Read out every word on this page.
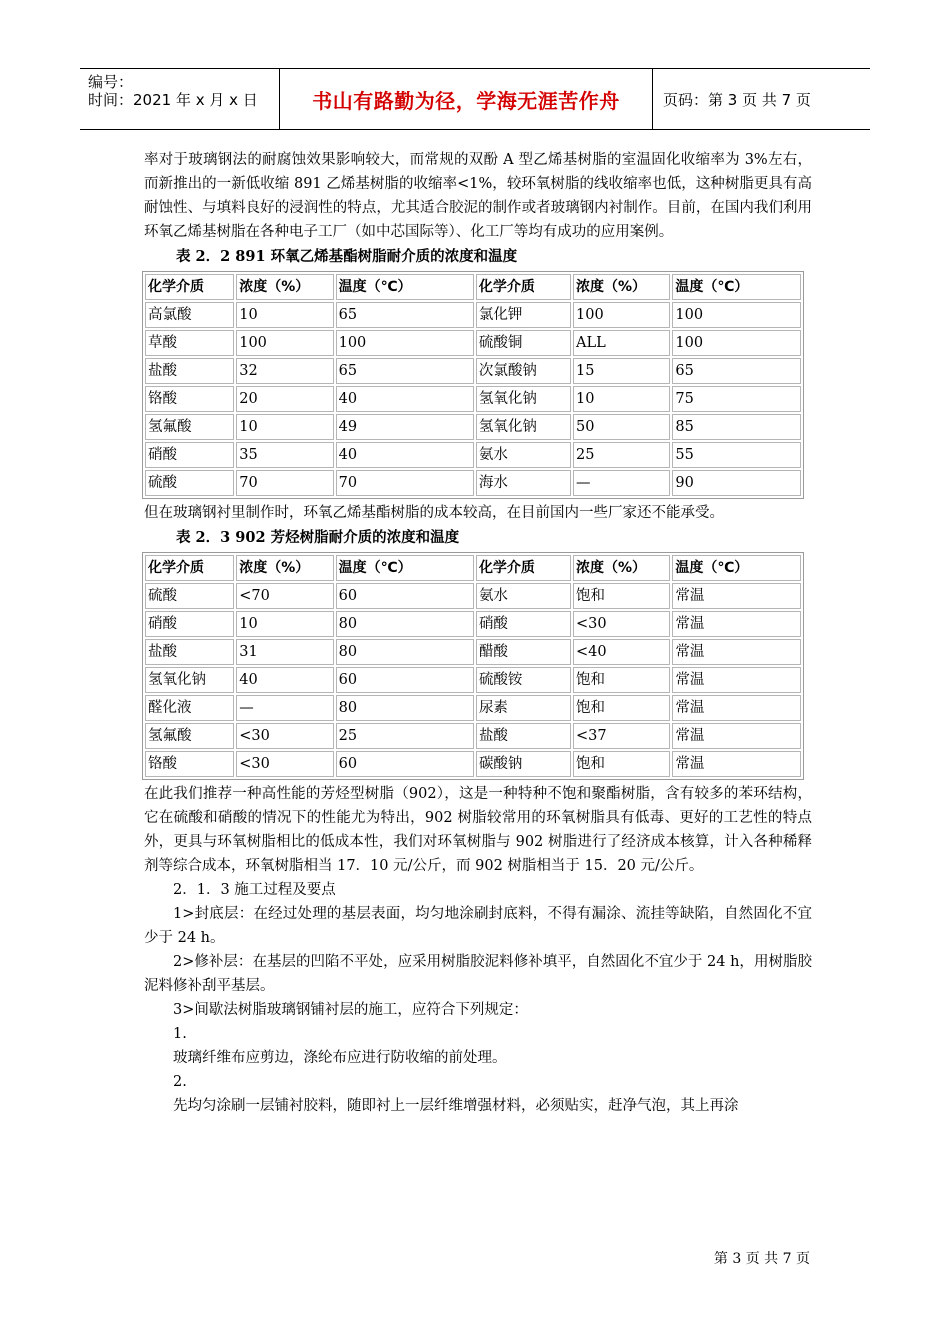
编号：
时间：2021 年 x 月 x 日	书山有路勤为径，学海无涯苦作舟	页码：第 3 页 共 7 页

率对于玻璃钢法的耐腐蚀效果影响较大，而常规的双酚 A 型乙烯基树脂的室温固化收缩率为 3%左右，而新推出的一新低收缩 891 乙烯基树脂的收缩率<1%，较环氧树脂的线收缩率也低，这种树脂更具有高耐蚀性、与填料良好的浸润性的特点，尤其适合胶泥的制作或者玻璃钢内衬制作。目前，在国内我们利用环氧乙烯基树脂在各种电子工厂（如中芯国际等）、化工厂等均有成功的应用案例。

表 2．2 891 环氧乙烯基酯树脂耐介质的浓度和温度
化学介质	浓度（%）	温度（℃）	化学介质	浓度（%）	温度（℃）
高氯酸	10	65	氯化钾	100	100
草酸	100	100	硫酸铜	ALL	100
盐酸	32	65	次氯酸钠	15	65
铬酸	20	40	氢氧化钠	10	75
氢氟酸	10	49	氢氧化钠	50	85
硝酸	35	40	氨水	25	55
硫酸	70	70	海水	—	90

但在玻璃钢衬里制作时，环氧乙烯基酯树脂的成本较高，在目前国内一些厂家还不能承受。

表 2．3 902 芳烃树脂耐介质的浓度和温度
化学介质	浓度（%）	温度（℃）	化学介质	浓度（%）	温度（℃）
硫酸	<70	60	氨水	饱和	常温
硝酸	10	80	硝酸	<30	常温
盐酸	31	80	醋酸	<40	常温
氢氧化钠	40	60	硫酸铵	饱和	常温
醛化液	—	80	尿素	饱和	常温
氢氟酸	<30	25	盐酸	<37	常温
铬酸	<30	60	碳酸钠	饱和	常温

在此我们推荐一种高性能的芳烃型树脂（902），这是一种特种不饱和聚酯树脂，含有较多的苯环结构，它在硫酸和硝酸的情况下的性能尤为特出，902 树脂较常用的环氧树脂具有低毒、更好的工艺性的特点外，更具与环氧树脂相比的低成本性，我们对环氧树脂与 902 树脂进行了经济成本核算，计入各种稀释剂等综合成本，环氧树脂相当 17．10 元/公斤，而 902 树脂相当于 15．20 元/公斤。

2．1．3 施工过程及要点

1>封底层：在经过处理的基层表面，均匀地涂刷封底料，不得有漏涂、流挂等缺陷，自然固化不宜少于 24 h。

2>修补层：在基层的凹陷不平处，应采用树脂胶泥料修补填平，自然固化不宜少于 24 h，用树脂胶泥料修补刮平基层。

3>间歇法树脂玻璃钢铺衬层的施工，应符合下列规定：

1.

玻璃纤维布应剪边，涤纶布应进行防收缩的前处理。

2.

先均匀涂刷一层铺衬胶料，随即衬上一层纤维增强材料，必须贴实，赶净气泡，其上再涂

第 3 页 共 7 页
